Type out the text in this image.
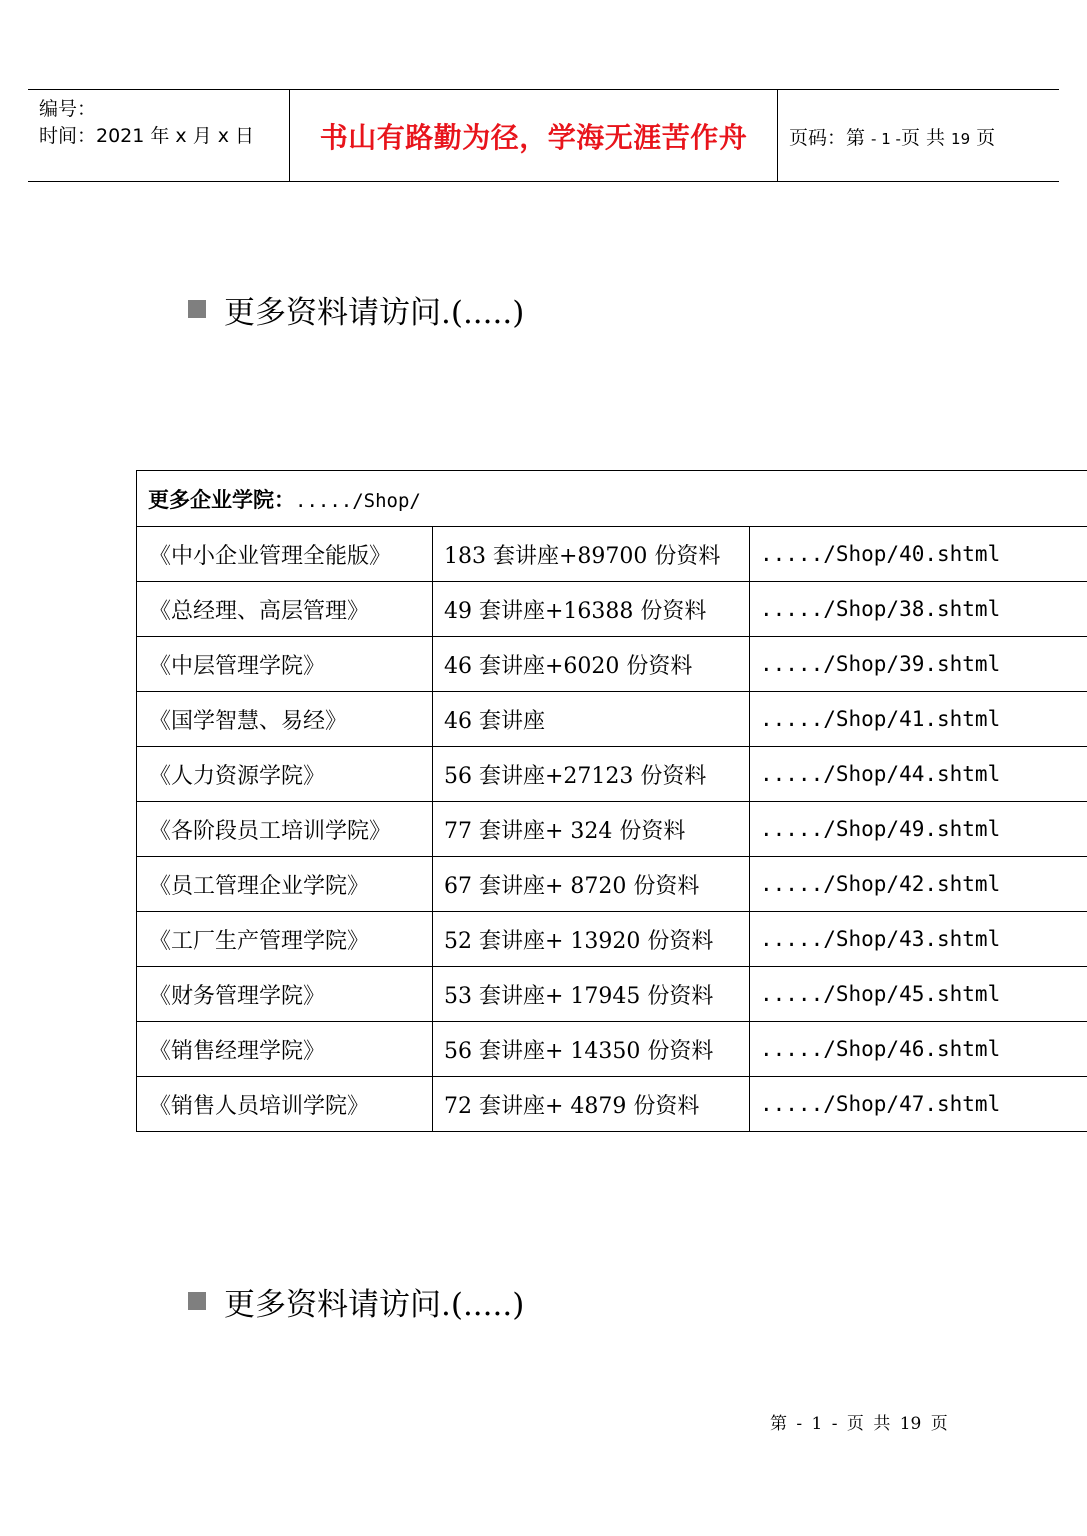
编号：
时间：2021 年 x 月 x 日 书山有路勤为径，学海无涯苦作舟 页码：第 - 1 -页 共 19 页
更多资料请访问.(.....)
更多企业学院：...../Shop/		
《中小企业管理全能版》	183 套讲座+89700 份资料	...../Shop/40.shtml
《总经理、高层管理》	49 套讲座+16388 份资料	...../Shop/38.shtml
《中层管理学院》	46 套讲座+6020 份资料	...../Shop/39.shtml
《国学智慧、易经》	46 套讲座	...../Shop/41.shtml
《人力资源学院》	56 套讲座+27123 份资料	...../Shop/44.shtml
《各阶段员工培训学院》	77 套讲座+ 324 份资料	...../Shop/49.shtml
《员工管理企业学院》	67 套讲座+ 8720 份资料	...../Shop/42.shtml
《工厂生产管理学院》	52 套讲座+ 13920 份资料	...../Shop/43.shtml
《财务管理学院》	53 套讲座+ 17945 份资料	...../Shop/45.shtml
《销售经理学院》	56 套讲座+ 14350 份资料	...../Shop/46.shtml
《销售人员培训学院》	72 套讲座+ 4879 份资料	...../Shop/47.shtml
更多资料请访问.(.....)
第 - 1 - 页 共 19 页
